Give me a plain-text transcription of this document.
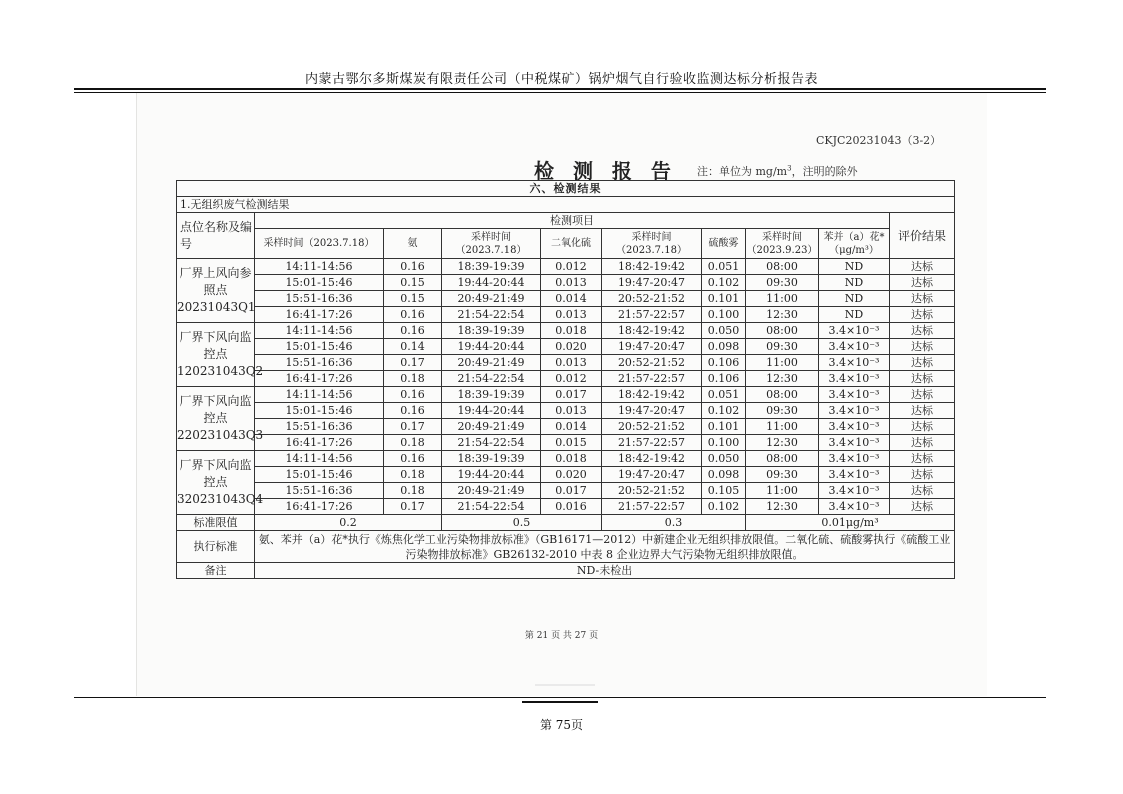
内蒙古鄂尔多斯煤炭有限责任公司（中税煤矿）锅炉烟气自行验收监测达标分析报告表
CKJC20231043（3-2）
检 测 报 告 注：单位为 $mg/m^3$，注明的除外
六、检测结果									
1.无组织废气检测结果									
点位名称及编号	检测项目								评价结果
	采样时间（2023.7.18）	氨	采样时间（2023.7.18）	二氧化硫	采样时间（2023.7.18）	硫酸雾	采样时间（2023.9.23）	苯并（a）花*（μg/m³）	
厂界上风向参照点20231043Q1	14:11-14:56	0.16	18:39-19:39	0.012	18:42-19:42	0.051	08:00	ND	达标
	15:01-15:46	0.15	19:44-20:44	0.013	19:47-20:47	0.102	09:30	ND	达标
	15:51-16:36	0.15	20:49-21:49	0.014	20:52-21:52	0.101	11:00	ND	达标
	16:41-17:26	0.16	21:54-22:54	0.013	21:57-22:57	0.100	12:30	ND	达标
厂界下风向监控点 120231043Q2	14:11-14:56	0.16	18:39-19:39	0.018	18:42-19:42	0.050	08:00	3.4×10⁻³	达标
	15:01-15:46	0.14	19:44-20:44	0.020	19:47-20:47	0.098	09:30	3.4×10⁻³	达标
	15:51-16:36	0.17	20:49-21:49	0.013	20:52-21:52	0.106	11:00	3.4×10⁻³	达标
	16:41-17:26	0.18	21:54-22:54	0.012	21:57-22:57	0.106	12:30	3.4×10⁻³	达标
厂界下风向监控点 220231043Q3	14:11-14:56	0.16	18:39-19:39	0.017	18:42-19:42	0.051	08:00	3.4×10⁻³	达标
	15:01-15:46	0.16	19:44-20:44	0.013	19:47-20:47	0.102	09:30	3.4×10⁻³	达标
	15:51-16:36	0.17	20:49-21:49	0.014	20:52-21:52	0.101	11:00	3.4×10⁻³	达标
	16:41-17:26	0.18	21:54-22:54	0.015	21:57-22:57	0.100	12:30	3.4×10⁻³	达标
厂界下风向监控点 320231043Q4	14:11-14:56	0.16	18:39-19:39	0.018	18:42-19:42	0.050	08:00	3.4×10⁻³	达标
	15:01-15:46	0.18	19:44-20:44	0.020	19:47-20:47	0.098	09:30	3.4×10⁻³	达标
	15:51-16:36	0.18	20:49-21:49	0.017	20:52-21:52	0.105	11:00	3.4×10⁻³	达标
	16:41-17:26	0.17	21:54-22:54	0.016	21:57-22:57	0.102	12:30	3.4×10⁻³	达标
标准限值	0.2		0.5		0.3		0.01μg/m³		
执行标准	氨、苯并（a）花*执行《炼焦化学工业污染物排放标准》（GB16171—2012）中新建企业无组织排放限值。二氧化硫、硫酸雾执行《硫酸工业污染物排放标准》GB26132-2010 中表 8 企业边界大气污染物无组织排放限值。								
备注	ND-未检出								
第 21 页 共 27 页
第 75页
